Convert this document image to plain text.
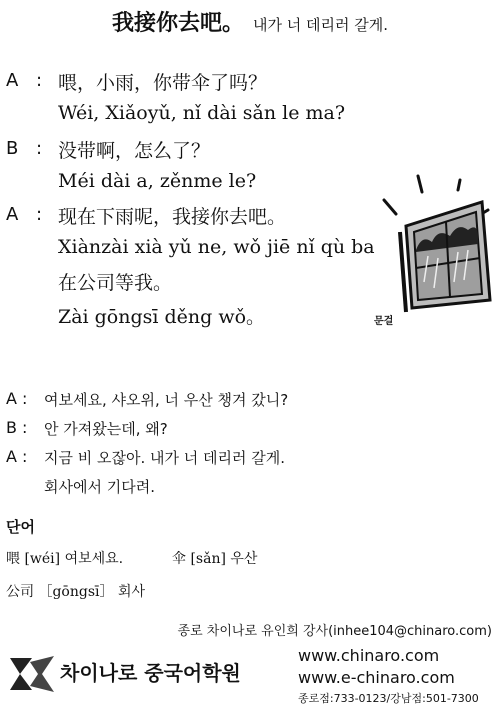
我接你去吧。 내가 너 데리러 갈게.
A : 喂，小雨，你带伞了吗？
Wéi, Xiǎoyǔ, nǐ dài sǎn le ma?
B : 没带啊，怎么了？
Méi dài a, zěnme le?
A : 现在下雨呢，我接你去吧。
Xiànzài xià yǔ ne, wǒ jiē nǐ qù ba
在公司等我。
Zài gōngsī děng wǒ。	문걸
A : 여보세요, 샤오위, 너 우산 챙겨 갔니?
B : 안 가져왔는데, 왜?
A : 지금 비 오잖아. 내가 너 데리러 갈게.
회사에서 기다려.
단어
喂 [wéi] 여보세요.	伞 [sǎn] 우산
公司 ［gōngsī］ 회사
종로 차이나로 유인희 강사(inhee104@chinaro.com)
차이나로 중국어학원
www.chinaro.com
www.e-chinaro.com
종로점:733-0123/강남점:501-7300
